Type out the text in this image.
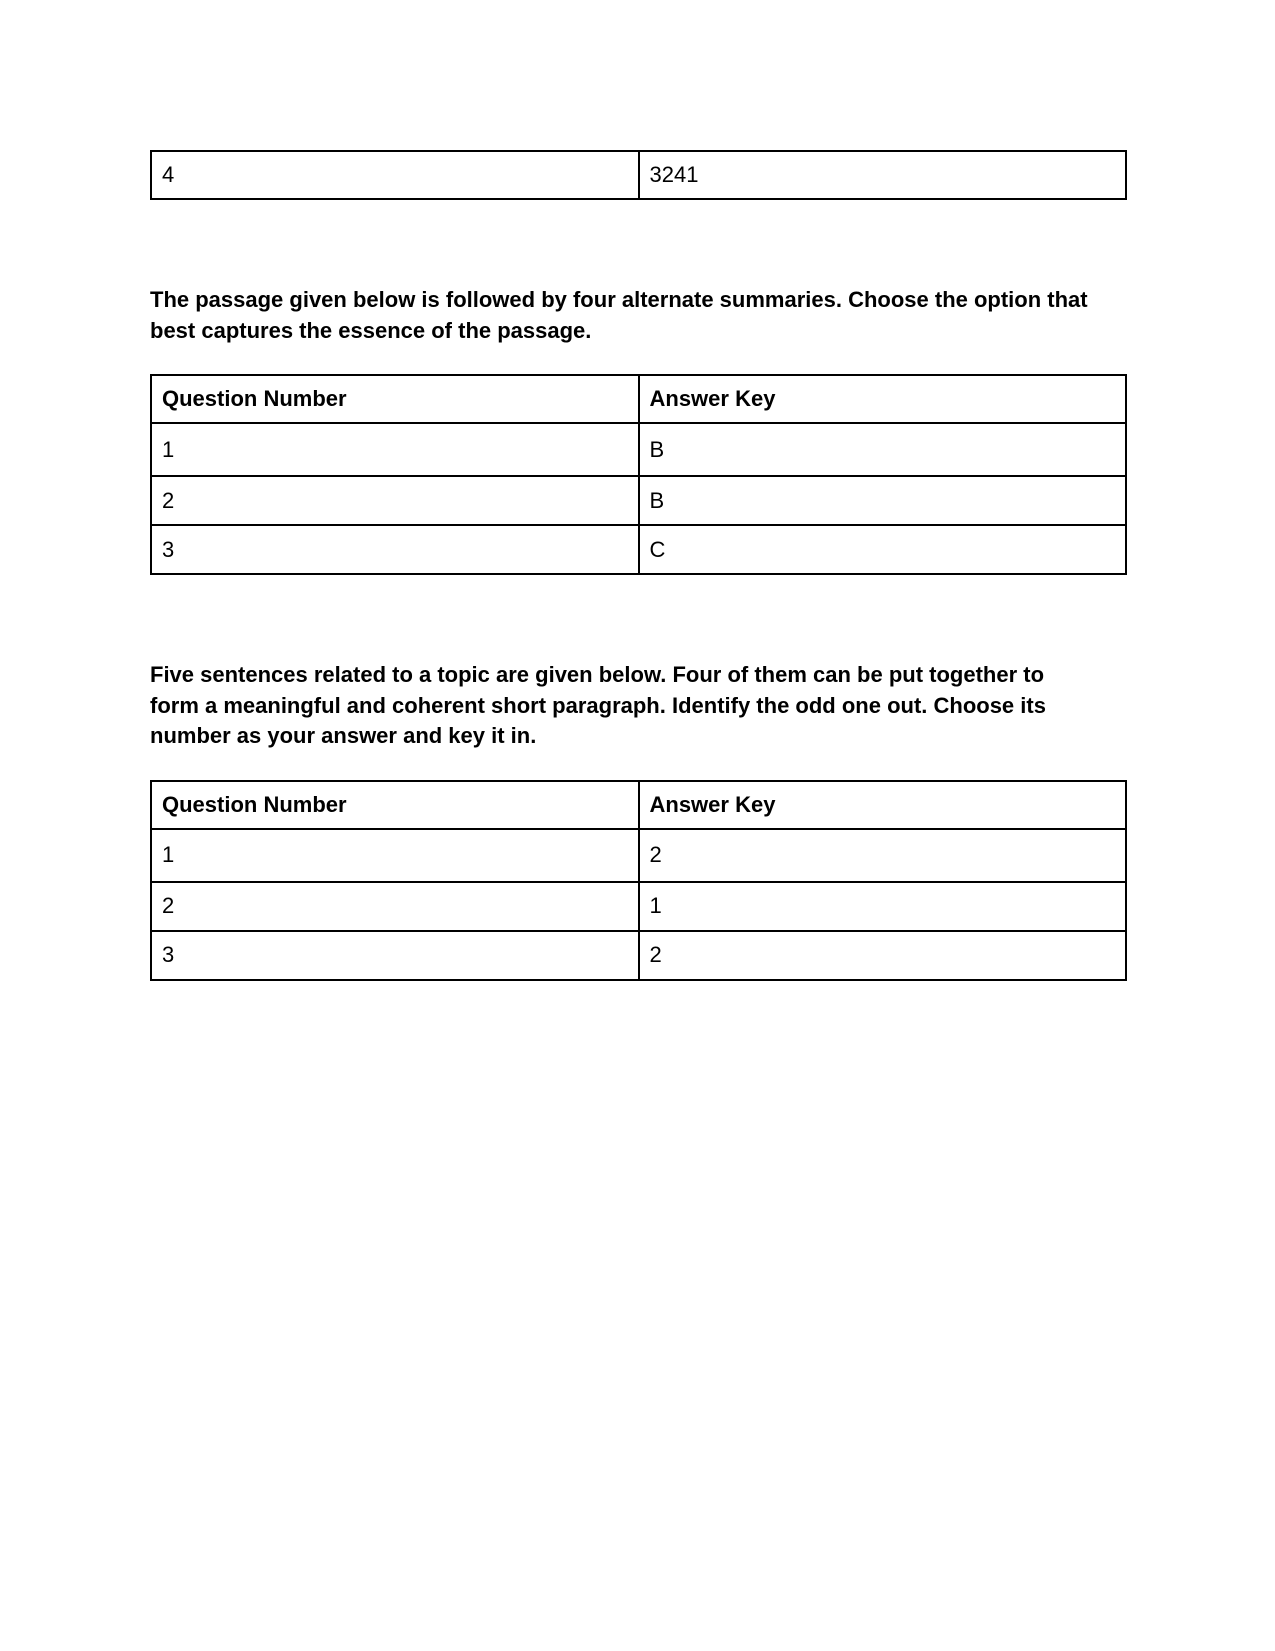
4	3241

The passage given below is followed by four alternate summaries. Choose the option that best captures the essence of the passage.

Question Number	Answer Key
1	B
2	B
3	C

Five sentences related to a topic are given below. Four of them can be put together to form a meaningful and coherent short paragraph. Identify the odd one out. Choose its number as your answer and key it in.

Question Number	Answer Key
1	2
2	1
3	2
